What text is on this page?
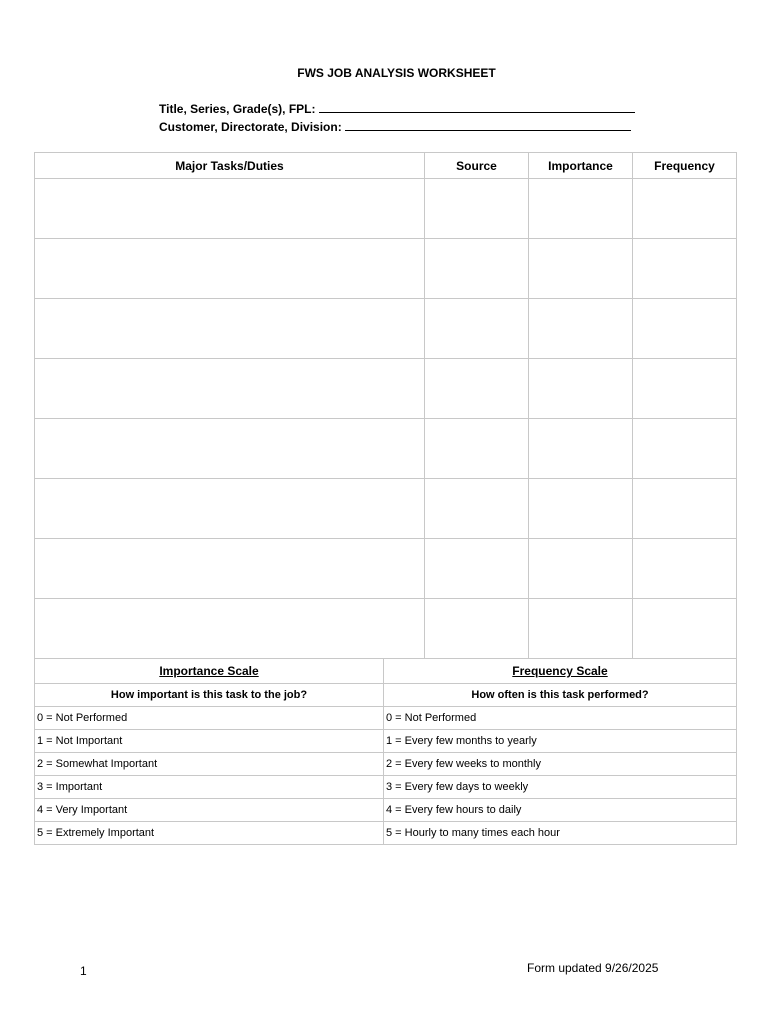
FWS JOB ANALYSIS WORKSHEET
Title, Series, Grade(s), FPL:
Customer, Directorate, Division:
Major Tasks/Duties	Source	Importance	Frequency

Importance Scale	Frequency Scale
How important is this task to the job?	How often is this task performed?
0 = Not Performed	0 = Not Performed
1 = Not Important	1 = Every few months to yearly
2 = Somewhat Important	2 = Every few weeks to monthly
3 = Important	3 = Every few days to weekly
4 = Very Important	4 = Every few hours to daily
5 = Extremely Important	5 = Hourly to many times each hour
1	Form updated 9/26/2025
